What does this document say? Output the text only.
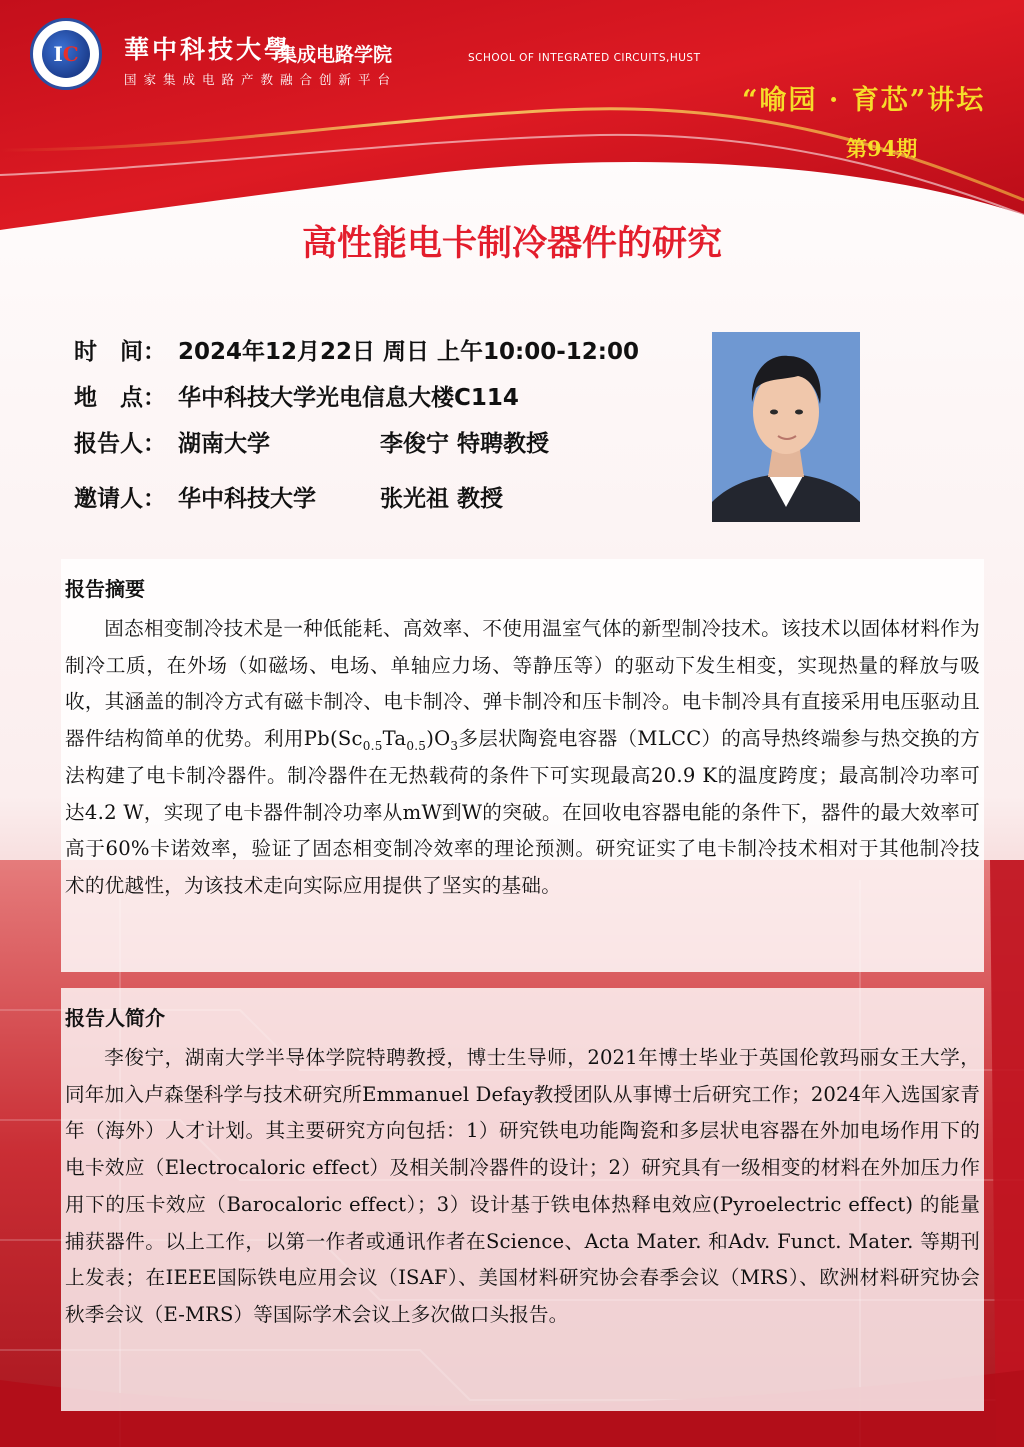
I C 華中科技大學
集成电路学院	SCHOOL OF INTEGRATED CIRCUITS,HUST
国家集成电路产教融合创新平台
“喻园 · 育芯”讲坛
第94期
高性能电卡制冷器件的研究
时　间： 2024年12月22日 周日 上午10:00-12:00
地　点： 华中科技大学光电信息大楼C114
报告人： 湖南大学	李俊宁 特聘教授
邀请人： 华中科技大学	张光祖 教授
报告摘要
固态相变制冷技术是一种低能耗、高效率、不使用温室气体的新型制冷技术。该技术以固体材料作为制冷工质，在外场（如磁场、电场、单轴应力场、等静压等）的驱动下发生相变，实现热量的释放与吸收，其涵盖的制冷方式有磁卡制冷、电卡制冷、弹卡制冷和压卡制冷。电卡制冷具有直接采用电压驱动且器件结构简单的优势。利用$Pb(Sc_{0.5}Ta_{0.5})O_3$多层状陶瓷电容器（MLCC）的高导热终端参与热交换的方法构建了电卡制冷器件。制冷器件在无热载荷的条件下可实现最高20.9 K的温度跨度；最高制冷功率可达4.2 W，实现了电卡器件制冷功率从mW到W的突破。在回收电容器电能的条件下，器件的最大效率可高于60%卡诺效率，验证了固态相变制冷效率的理论预测。研究证实了电卡制冷技术相对于其他制冷技术的优越性，为该技术走向实际应用提供了坚实的基础。
报告人简介
李俊宁，湖南大学半导体学院特聘教授，博士生导师，2021年博士毕业于英国伦敦玛丽女王大学，同年加入卢森堡科学与技术研究所Emmanuel Defay教授团队从事博士后研究工作；2024年入选国家青年（海外）人才计划。其主要研究方向包括：1）研究铁电功能陶瓷和多层状电容器在外加电场作用下的电卡效应（Electrocaloric effect）及相关制冷器件的设计；2）研究具有一级相变的材料在外加压力作用下的压卡效应（Barocaloric effect）；3）设计基于铁电体热释电效应(Pyroelectric effect) 的能量捕获器件。以上工作，以第一作者或通讯作者在Science、Acta Mater. 和Adv. Funct. Mater. 等期刊上发表；在IEEE国际铁电应用会议（ISAF）、美国材料研究协会春季会议（MRS）、欧洲材料研究协会秋季会议（E-MRS）等国际学术会议上多次做口头报告。
